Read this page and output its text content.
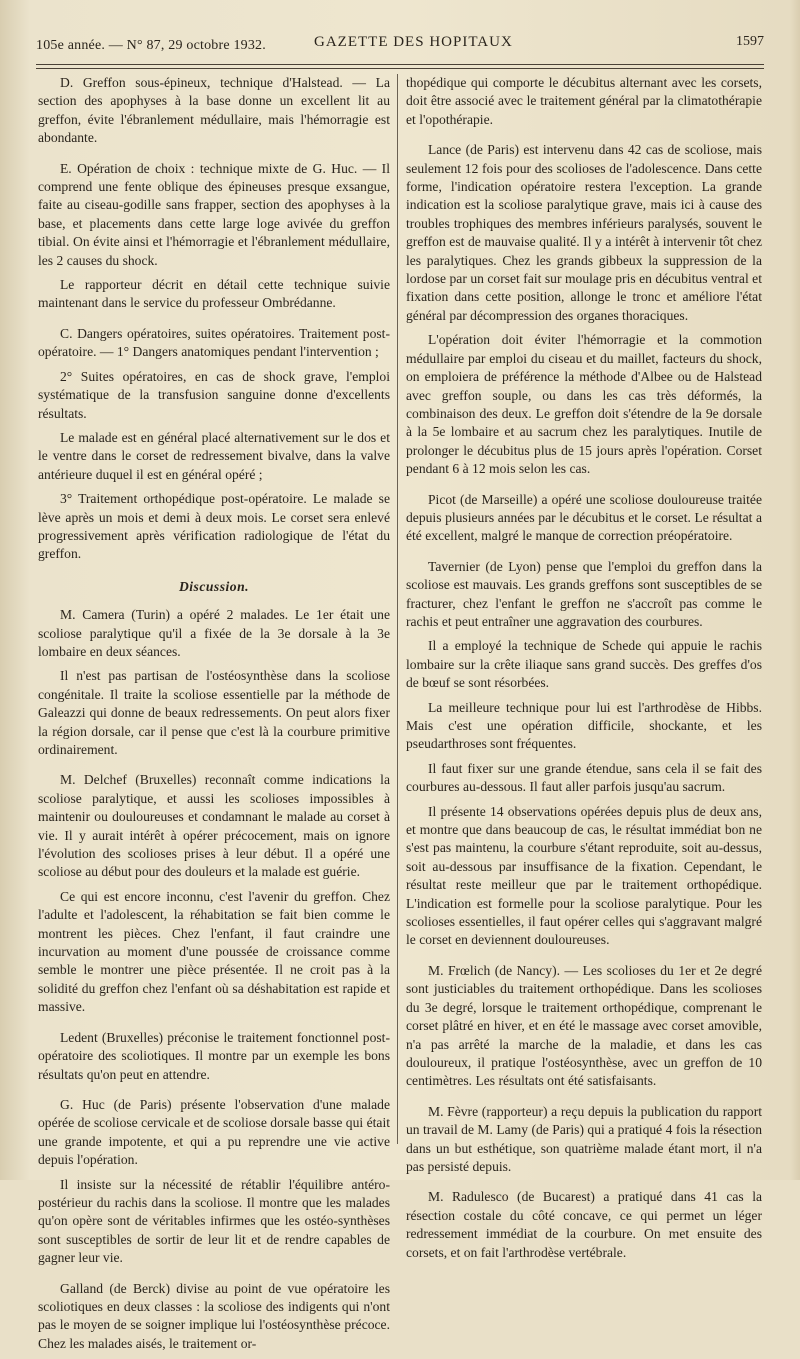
105e année. — N° 87, 29 octobre 1932.	GAZETTE DES HOPITAUX	1597

D. Greffon sous-épineux, technique d'Halstead. — La section des apophyses à la base donne un excellent lit au greffon, évite l'ébranlement médullaire, mais l'hémorragie est abondante.

E. Opération de choix : technique mixte de G. Huc. — Il comprend une fente oblique des épineuses presque exsangue, faite au ciseau-godille sans frapper, section des apophyses à la base, et placements dans cette large loge avivée du greffon tibial. On évite ainsi et l'hémorragie et l'ébranlement médullaire, les 2 causes du shock.

Le rapporteur décrit en détail cette technique suivie maintenant dans le service du professeur Ombrédanne.

C. Dangers opératoires, suites opératoires. Traitement post-opératoire. — 1° Dangers anatomiques pendant l'intervention ;

2° Suites opératoires, en cas de shock grave, l'emploi systématique de la transfusion sanguine donne d'excellents résultats.

Le malade est en général placé alternativement sur le dos et le ventre dans le corset de redressement bivalve, dans la valve antérieure duquel il est en général opéré ;

3° Traitement orthopédique post-opératoire. Le malade se lève après un mois et demi à deux mois. Le corset sera enlevé progressivement après vérification radiologique de l'état du greffon.

Discussion.

M. Camera (Turin) a opéré 2 malades. Le 1er était une scoliose paralytique qu'il a fixée de la 3e dorsale à la 3e lombaire en deux séances.

Il n'est pas partisan de l'ostéosynthèse dans la scoliose congénitale. Il traite la scoliose essentielle par la méthode de Galeazzi qui donne de beaux redressements. On peut alors fixer la région dorsale, car il pense que c'est là la courbure primitive ordinairement.

M. Delchef (Bruxelles) reconnaît comme indications la scoliose paralytique, et aussi les scolioses impossibles à maintenir ou douloureuses et condamnant le malade au corset à vie. Il y aurait intérêt à opérer précocement, mais on ignore l'évolution des scolioses prises à leur début. Il a opéré une scoliose au début pour des douleurs et la malade est guérie.

Ce qui est encore inconnu, c'est l'avenir du greffon. Chez l'adulte et l'adolescent, la réhabitation se fait bien comme le montrent les pièces. Chez l'enfant, il faut craindre une incurvation au moment d'une poussée de croissance comme semble le montrer une pièce présentée. Il ne croit pas à la solidité du greffon chez l'enfant où sa déshabitation est rapide et massive.

Ledent (Bruxelles) préconise le traitement fonctionnel post-opératoire des scoliotiques. Il montre par un exemple les bons résultats qu'on peut en attendre.

G. Huc (de Paris) présente l'observation d'une malade opérée de scoliose cervicale et de scoliose dorsale basse qui était une grande impotente, et qui a pu reprendre une vie active depuis l'opération.

Il insiste sur la nécessité de rétablir l'équilibre antéro-postérieur du rachis dans la scoliose. Il montre que les malades qu'on opère sont de véritables infirmes que les ostéo-synthèses sont susceptibles de sortir de leur lit et de rendre capables de gagner leur vie.

Galland (de Berck) divise au point de vue opératoire les scoliotiques en deux classes : la scoliose des indigents qui n'ont pas le moyen de se soigner implique lui l'ostéosynthèse précoce. Chez les malades aisés, le traitement or-

thopédique qui comporte le décubitus alternant avec les corsets, doit être associé avec le traitement général par la climatothérapie et l'opothérapie.

Lance (de Paris) est intervenu dans 42 cas de scoliose, mais seulement 12 fois pour des scolioses de l'adolescence. Dans cette forme, l'indication opératoire restera l'exception. La grande indication est la scoliose paralytique grave, mais ici à cause des troubles trophiques des membres inférieurs paralysés, souvent le greffon est de mauvaise qualité. Il y a intérêt à intervenir tôt chez les paralytiques. Chez les grands gibbeux la suppression de la lordose par un corset fait sur moulage pris en décubitus ventral et fixation dans cette position, allonge le tronc et améliore l'état général par décompression des organes thoraciques.

L'opération doit éviter l'hémorragie et la commotion médullaire par emploi du ciseau et du maillet, facteurs du shock, on emploiera de préférence la méthode d'Albee ou de Halstead avec greffon souple, ou dans les cas très déformés, la combinaison des deux. Le greffon doit s'étendre de la 9e dorsale à la 5e lombaire et au sacrum chez les paralytiques. Inutile de prolonger le décubitus plus de 15 jours après l'opération. Corset pendant 6 à 12 mois selon les cas.

Picot (de Marseille) a opéré une scoliose douloureuse traitée depuis plusieurs années par le décubitus et le corset. Le résultat a été excellent, malgré le manque de correction préopératoire.

Tavernier (de Lyon) pense que l'emploi du greffon dans la scoliose est mauvais. Les grands greffons sont susceptibles de se fracturer, chez l'enfant le greffon ne s'accroît pas comme le rachis et peut entraîner une aggravation des courbures.

Il a employé la technique de Schede qui appuie le rachis lombaire sur la crête iliaque sans grand succès. Des greffes d'os de bœuf se sont résorbées.

La meilleure technique pour lui est l'arthrodèse de Hibbs. Mais c'est une opération difficile, shockante, et les pseudarthroses sont fréquentes.

Il faut fixer sur une grande étendue, sans cela il se fait des courbures au-dessous. Il faut aller parfois jusqu'au sacrum.

Il présente 14 observations opérées depuis plus de deux ans, et montre que dans beaucoup de cas, le résultat immédiat bon ne s'est pas maintenu, la courbure s'étant reproduite, soit au-dessus, soit au-dessous par insuffisance de la fixation. Cependant, le résultat reste meilleur que par le traitement orthopédique. L'indication est formelle pour la scoliose paralytique. Pour les scolioses essentielles, il faut opérer celles qui s'aggravant malgré le corset en deviennent douloureuses.

M. Frœlich (de Nancy). — Les scolioses du 1er et 2e degré sont justiciables du traitement orthopédique. Dans les scolioses du 3e degré, lorsque le traitement orthopédique, comprenant le corset plâtré en hiver, et en été le massage avec corset amovible, n'a pas arrêté la marche de la maladie, et dans les cas douloureux, il pratique l'ostéosynthèse, avec un greffon de 10 centimètres. Les résultats ont été satisfaisants.

M. Fèvre (rapporteur) a reçu depuis la publication du rapport un travail de M. Lamy (de Paris) qui a pratiqué 4 fois la résection dans un but esthétique, son quatrième malade étant mort, il n'a pas persisté depuis.

M. Radulesco (de Bucarest) a pratiqué dans 41 cas la résection costale du côté concave, ce qui permet un léger redressement immédiat de la courbure. On met ensuite des corsets, et on fait l'arthrodèse vertébrale.
